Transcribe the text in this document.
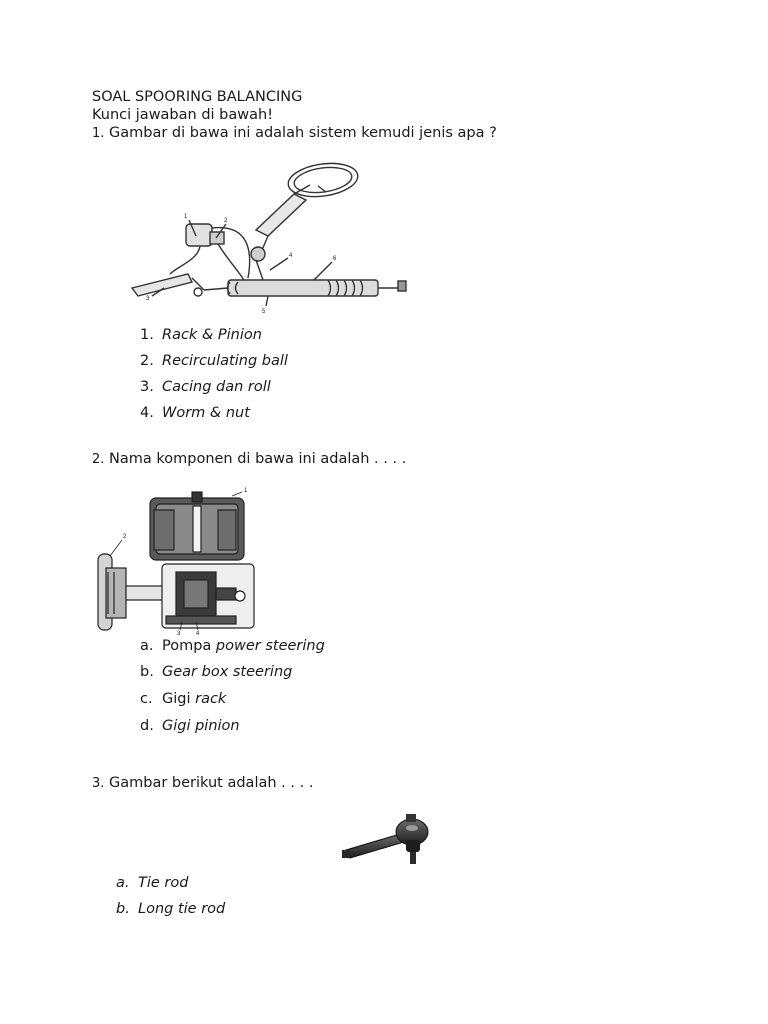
SOAL SPOORING BALANCING
Kunci jawaban di bawah!
1. Gambar di bawa ini adalah sistem kemudi jenis apa ?
1
2
3
4
5
6
1. Rack & Pinion
2. Recirculating ball
3. Cacing dan roll
4. Worm & nut
2. Nama komponen di bawa ini adalah . . . .
1
2
3	4
a. Pompa power steering
b. Gear box steering
c. Gigi rack
d. Gigi pinion
3. Gambar berikut adalah . . . .
a. Tie rod
b. Long tie rod
